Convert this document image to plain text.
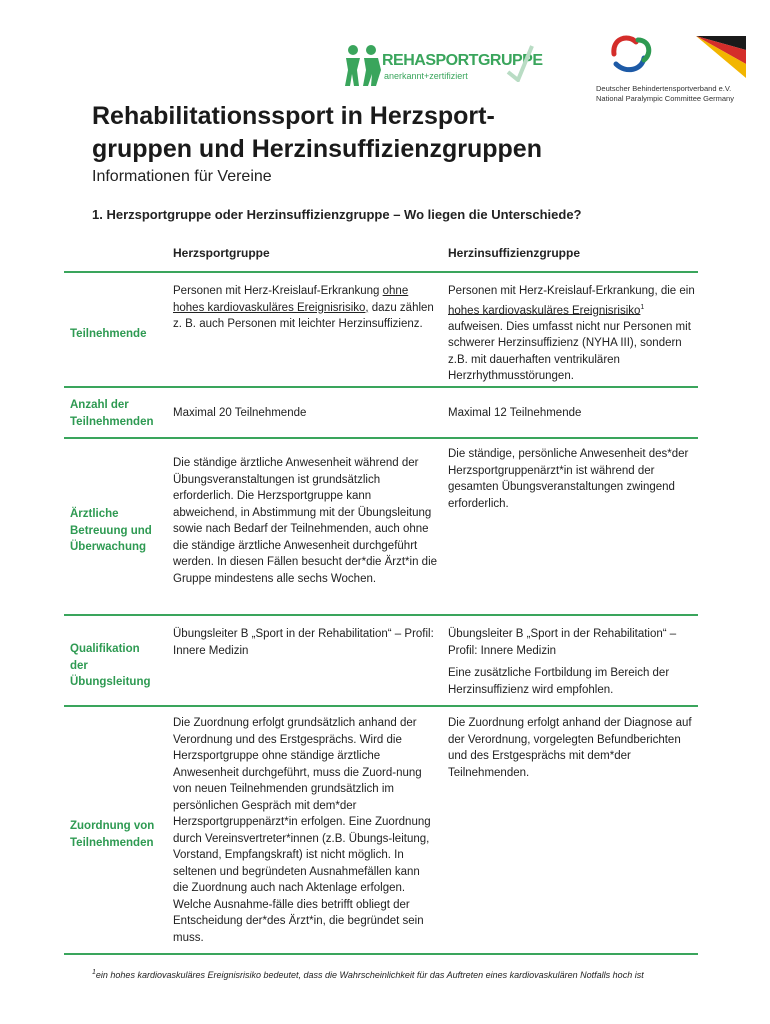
REHASPORTGRUPPE
anerkannt+zertifiziert
Deutscher Behindertensportverband e.V.
National Paralympic Committee Germany
Rehabilitationssport in Herzsport-
gruppen und Herzinsuffizienzgruppen
Informationen für Vereine
1. Herzsportgruppe oder Herzinsuffizienzgruppe – Wo liegen die Unterschiede?
Herzsportgruppe	Herzinsuffizienzgruppe
Teilnehmende
Personen mit Herz-Kreislauf-Erkrankung ohne hohes kardiovaskuläres Ereignisrisiko, dazu zählen z. B. auch Personen mit leichter Herzinsuffizienz.
Personen mit Herz-Kreislauf-Erkrankung, die ein hohes kardiovaskuläres Ereignisrisiko$^1$ aufweisen. Dies umfasst nicht nur Personen mit schwerer Herzinsuffizienz (NYHA III), sondern z.B. mit dauerhaften ventrikulären Herzrhythmusstörungen.
Anzahl der
Teilnehmenden
Maximal 20 Teilnehmende	Maximal 12 Teilnehmende
Ärztliche
Betreuung und
Überwachung
Die ständige ärztliche Anwesenheit während der Übungsveranstaltungen ist grundsätzlich erforderlich. Die Herzsportgruppe kann abweichend, in Abstimmung mit der Übungsleitung sowie nach Bedarf der Teilnehmenden, auch ohne die ständige ärztliche Anwesenheit durchgeführt werden. In diesen Fällen besucht der*die Ärzt*in die Gruppe mindestens alle sechs Wochen.
Die ständige, persönliche Anwesenheit des*der Herzsportgruppenärzt*in ist während der gesamten Übungsveranstaltungen zwingend erforderlich.
Qualifikation
der
Übungsleitung
Übungsleiter B „Sport in der Rehabilitation“ – Profil: Innere Medizin
Übungsleiter B „Sport in der Rehabilitation“ – Profil: Innere Medizin
Eine zusätzliche Fortbildung im Bereich der Herzinsuffizienz wird empfohlen.
Zuordnung von
Teilnehmenden
Die Zuordnung erfolgt grundsätzlich anhand der Verordnung und des Erstgesprächs. Wird die Herzsportgruppe ohne ständige ärztliche Anwesenheit durchgeführt, muss die Zuord-nung von neuen Teilnehmenden grundsätzlich im persönlichen Gespräch mit dem*der Herzsportgruppenärzt*in erfolgen. Eine Zuordnung durch Vereinsvertreter*innen (z.B. Übungs-leitung, Vorstand, Empfangskraft) ist nicht möglich. In seltenen und begründeten Ausnahmefällen kann die Zuordnung auch nach Aktenlage erfolgen. Welche Ausnahme-fälle dies betrifft obliegt der Entscheidung der*des Ärzt*in, die begründet sein muss.
Die Zuordnung erfolgt anhand der Diagnose auf der Verordnung, vorgelegten Befundberichten und des Erstgesprächs mit dem*der Teilnehmenden.
$^1$ein hohes kardiovaskuläres Ereignisrisiko bedeutet, dass die Wahrscheinlichkeit für das Auftreten eines kardiovaskulären Notfalls hoch ist
